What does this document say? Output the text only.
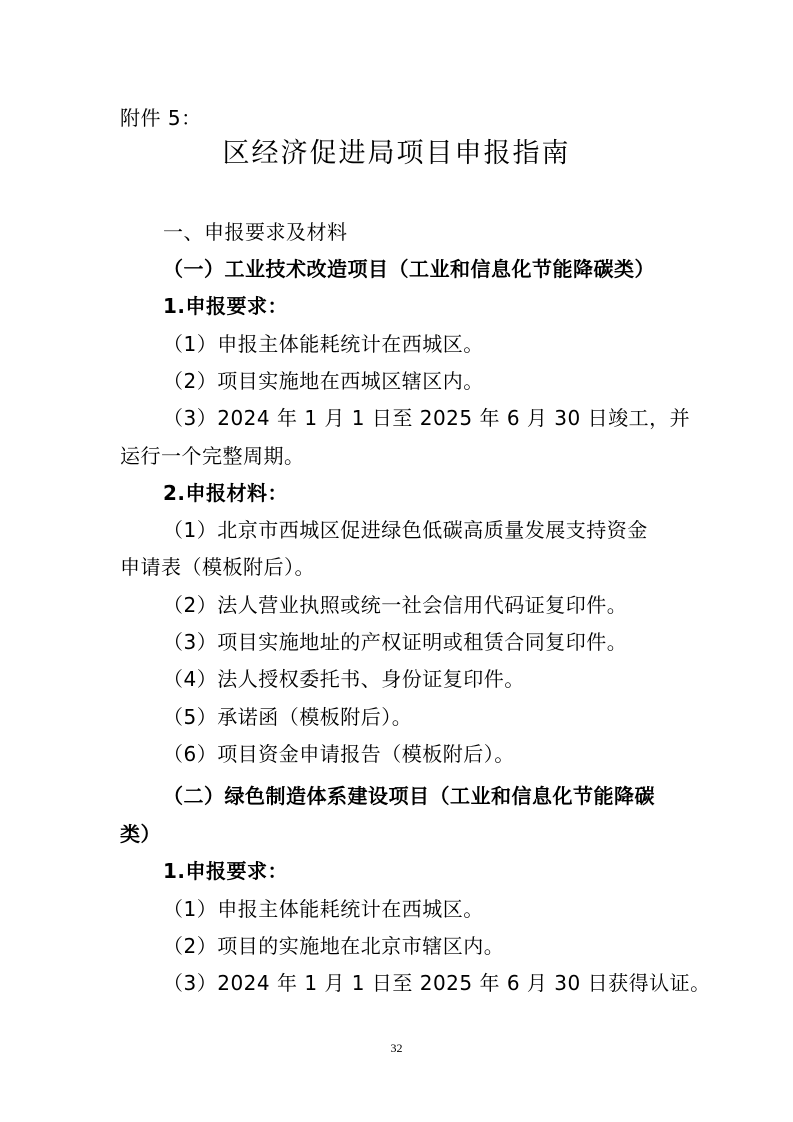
附件 5：
区经济促进局项目申报指南
一、申报要求及材料
（一）工业技术改造项目（工业和信息化节能降碳类）
1.申报要求：
（1）申报主体能耗统计在西城区。
（2）项目实施地在西城区辖区内。
（3）2024 年 1 月 1 日至 2025 年 6 月 30 日竣工，并
运行一个完整周期。
2.申报材料：
（1）北京市西城区促进绿色低碳高质量发展支持资金
申请表（模板附后）。
（2）法人营业执照或统一社会信用代码证复印件。
（3）项目实施地址的产权证明或租赁合同复印件。
（4）法人授权委托书、身份证复印件。
（5）承诺函（模板附后）。
（6）项目资金申请报告（模板附后）。
（二）绿色制造体系建设项目（工业和信息化节能降碳
类）
1.申报要求：
（1）申报主体能耗统计在西城区。
（2）项目的实施地在北京市辖区内。
（3）2024 年 1 月 1 日至 2025 年 6 月 30 日获得认证。
32
